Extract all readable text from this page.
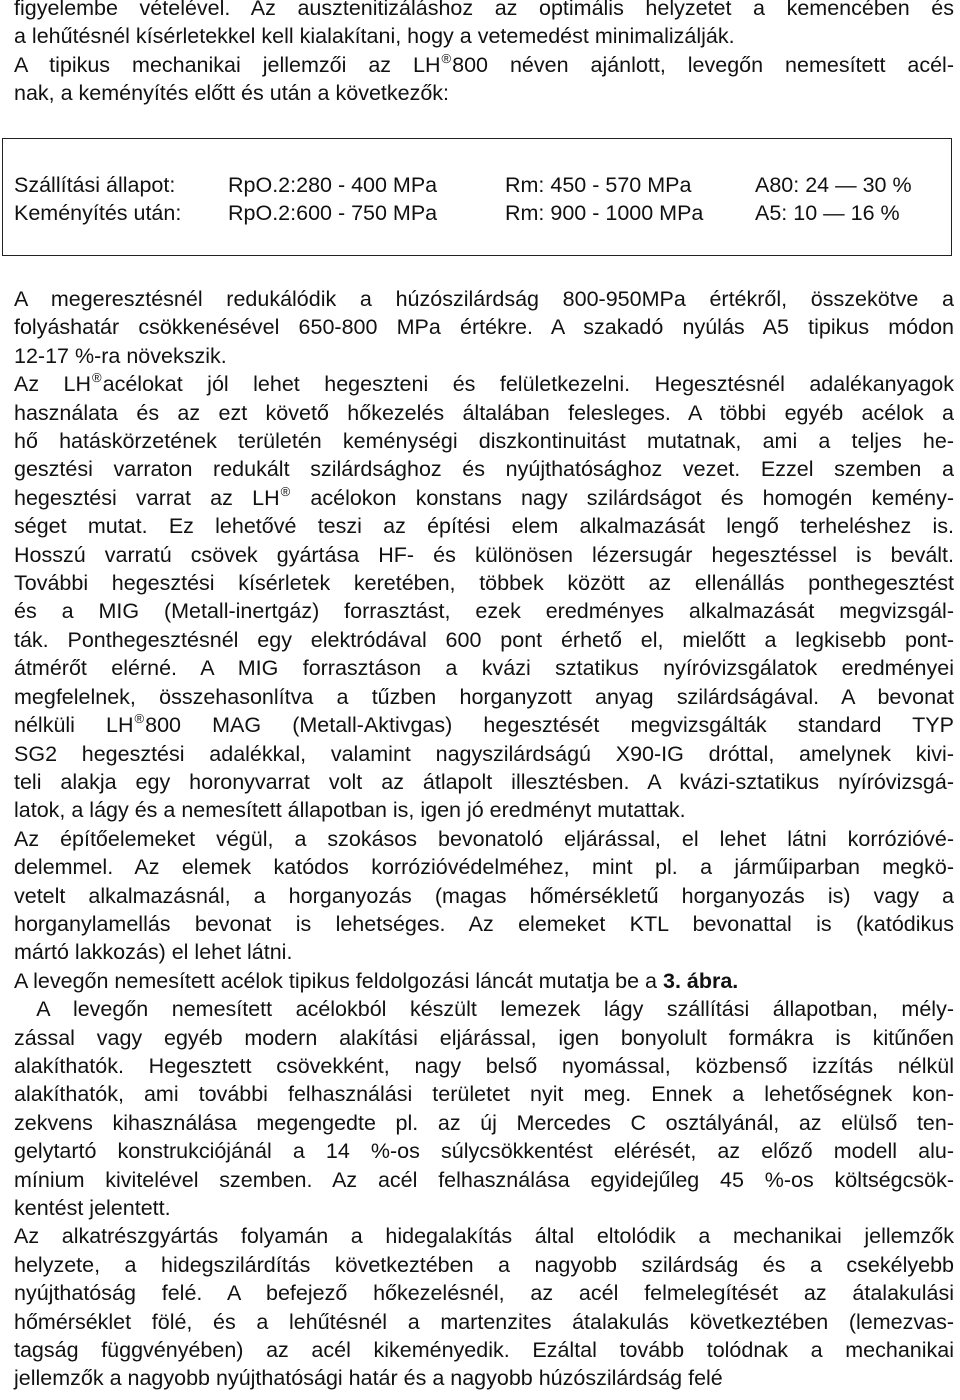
figyelembe vételével. Az ausztenitizáláshoz az optimális helyzetet a kemencében és
a lehűtésnél kísérletekkel kell kialakítani, hogy a vetemedést minimalizálják.
A tipikus mechanikai jellemzői az LH®800 néven ajánlott, levegőn nemesített acél-
nak, a keményítés előtt és után a következők:
Szállítási állapot: RpO.2:280 - 400 MPa	Rm: 450 - 570 MPa	A80: 24 — 30 %
Keményítés után: RpO.2:600 - 750 MPa	Rm: 900 - 1000 MPa A5: 10 — 16 %
A megeresztésnél redukálódik a húzószilárdság 800-950MPa értékről, összekötve a
folyáshatár csökkenésével 650-800 MPa értékre. A szakadó nyúlás A5 tipikus módon
12-17 %-ra növekszik.
Az LH®acélokat jól lehet hegeszteni és felületkezelni. Hegesztésnél adalékanyagok
használata és az ezt követő hőkezelés általában felesleges. A többi egyéb acélok a
hő hatáskörzetének területén keménységi diszkontinuitást mutatnak, ami a teljes he-
gesztési varraton redukált szilárdsághoz és nyújthatósághoz vezet. Ezzel szemben a
hegesztési varrat az LH® acélokon konstans nagy szilárdságot és homogén kemény-
séget mutat. Ez lehetővé teszi az építési elem alkalmazását lengő terheléshez is.
Hosszú varratú csövek gyártása HF- és különösen lézersugár hegesztéssel is bevált.
További hegesztési kísérletek keretében, többek között az ellenállás ponthegesztést
és a MIG (Metall-inertgáz) forrasztást, ezek eredményes alkalmazását megvizsgál-
ták. Ponthegesztésnél egy elektródával 600 pont érhető el, mielőtt a legkisebb pont-
átmérőt elérné. A MIG forrasztáson a kvázi sztatikus nyíróvizsgálatok eredményei
megfelelnek, összehasonlítva a tűzben horganyzott anyag szilárdságával. A bevonat
nélküli LH®800 MAG (Metall-Aktivgas) hegesztését megvizsgálták standard TYP
SG2 hegesztési adalékkal, valamint nagyszilárdságú X90-IG dróttal, amelynek kivi-
teli alakja egy horonyvarrat volt az átlapolt illesztésben. A kvázi-sztatikus nyíróvizsgá-
latok, a lágy és a nemesített állapotban is, igen jó eredményt mutattak.
Az építőelemeket végül, a szokásos bevonatoló eljárással, el lehet látni korrózióvé-
delemmel. Az elemek katódos korrózióvédelméhez, mint pl. a járműiparban megkö-
vetelt alkalmazásnál, a horganyozás (magas hőmérsékletű horganyozás is) vagy a
horganylamellás bevonat is lehetséges. Az elemeket KTL bevonattal is (katódikus
mártó lakkozás) el lehet látni.
A levegőn nemesített acélok tipikus feldolgozási láncát mutatja be a 3. ábra.
A levegőn nemesített acélokból készült lemezek lágy szállítási állapotban, mély-
zással vagy egyéb modern alakítási eljárással, igen bonyolult formákra is kitűnően
alakíthatók. Hegesztett csövekként, nagy belső nyomással, közbenső izzítás nélkül
alakíthatók, ami további felhasználási területet nyit meg. Ennek a lehetőségnek kon-
zekvens kihasználása megengedte pl. az új Mercedes C osztályánál, az elülső ten-
gelytartó konstrukciójánál a 14 %-os súlycsökkentést elérését, az előző modell alu-
mínium kivitelével szemben. Az acél felhasználása egyidejűleg 45 %-os költségcsök-
kentést jelentett.
Az alkatrészgyártás folyamán a hidegalakítás által eltolódik a mechanikai jellemzők
helyzete, a hidegszilárdítás következtében a nagyobb szilárdság és a csekélyebb
nyújthatóság felé. A befejező hőkezelésnél, az acél felmelegítését az átalakulási
hőmérséklet fölé, és a lehűtésnél a martenzites átalakulás következtében (lemezvas-
tagság függvényében) az acél kikeményedik. Ezáltal tovább tolódnak a mechanikai
jellemzők a nagyobb nyújthatósági határ és a nagyobb húzószilárdság felé
